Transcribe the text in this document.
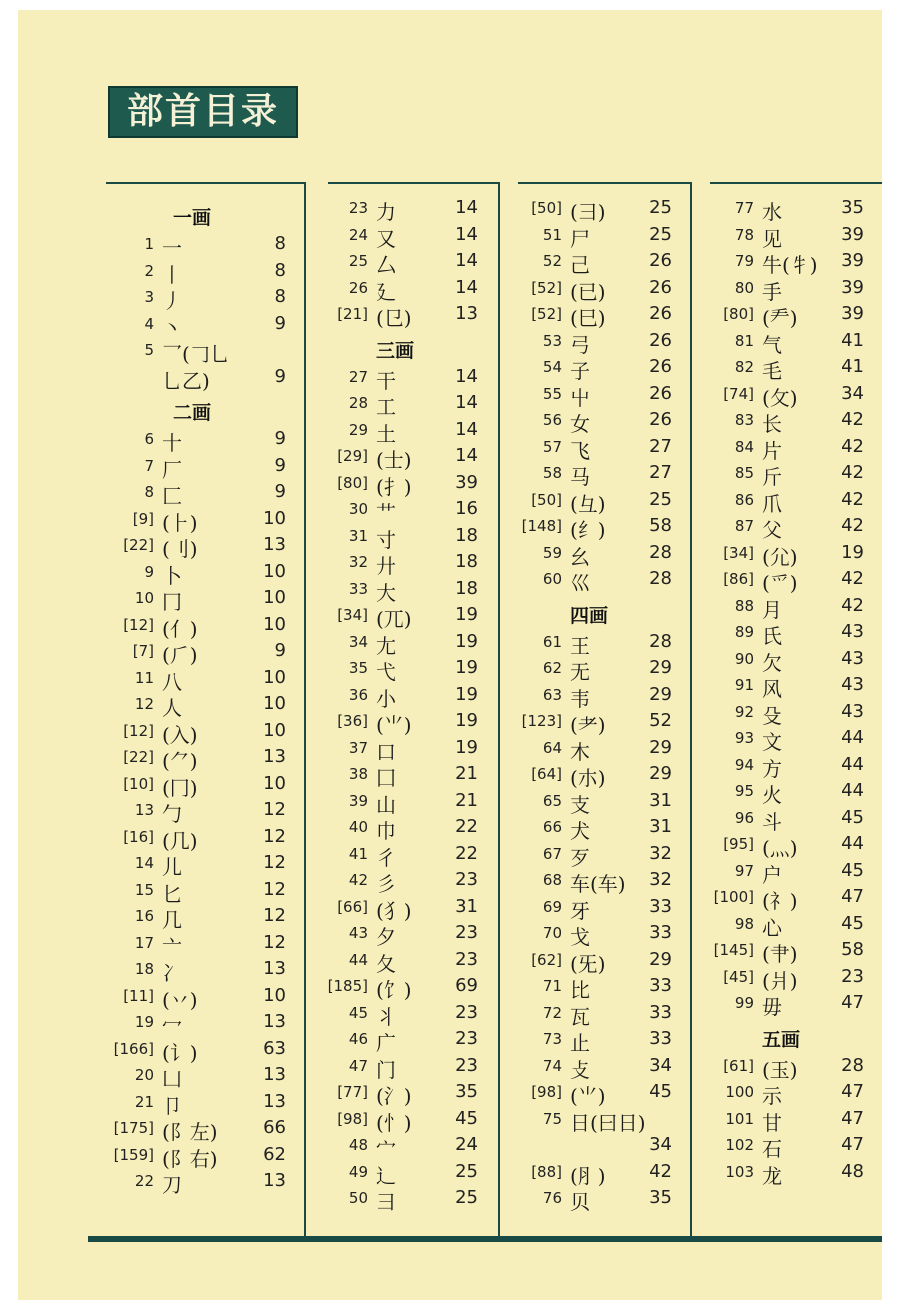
部首目录
一画
1 一	8
2 丨	8
3 丿	8
4 丶	9
5 乛(𠃌乚
乚乙)	9
二画
6 十	9
7 厂	9
8 匚	9
[9] (⺊)	10
[22] (刂)	13
9 卜	10
10 冂	10
[12] (亻)	10
[7] (⺁)	9
11 八	10
12 人	10
[12] (入)	10
[22] (⺈)	13
[10] (冂)	10
13 勹	12
[16] (几)	12
14 儿	12
15 匕	12
16 几	12
17 亠	12
18 冫	13
[11] (丷)	10
19 冖	13
[166] (讠)	63
20 凵	13
21 卩	13
[175] (阝左)	66
[159] (阝右)	62
22 刀	13
23 力	14
24 又	14
25 厶	14
26 廴	14
[21] (㔾) 13
三画
27 干	14
28 工	14
29 土	14
[29] (士) 14
[80] (扌) 39
30 艹	16
31 寸	18
32 廾	18
33 大	18
[34] (兀) 19
34 尢	19
35 弋	19
36 小	19
[36] (⺌) 19
37 口	19
38 囗	21
39 山	21
40 巾	22
41 彳	22
42 彡	23
[66] (犭) 31
43 夕	23
44 夂	23
[185] (饣) 69
45 丬	23
46 广	23
47 门	23
[77] (氵) 35
[98] (忄) 45
48 宀	24
49 辶	25
50 彐	25
[50] (彐) 25
51 尸	25
52 己	26
[52] (已) 26
[52] (巳) 26
53 弓	26
54 子	26
55 屮	26
56 女	26
57 飞	27
58 马	27
[50] (彑) 25
[148] (纟) 58
59 幺	28
60 巛	28
四画
61 王	28
62 无	29
63 韦	29
[123] (耂) 52
64 木	29
[64] (朩) 29
65 支	31
66 犬	31
67 歹	32
68 车(车) 32
69 牙	33
70 戈	33
[62] (旡) 29
71 比	33
72 瓦	33
73 止	33
74 攴	34
[98] (⺌) 45
75 日(曰日)
34
[88] (⺼) 42
76 贝	35
77 水	35
78 见	39
79 牛(牜) 39
80 手	39
[80] (龵) 39
81 气	41
82 毛	41
[74] (攵) 34
83 长	42
84 片	42
85 斤	42
86 爪	42
87 父	42
[34] (尣) 19
[86] (爫) 42
88 月	42
89 氏	43
90 欠	43
91 风	43
92 殳	43
93 文	44
94 方	44
95 火	44
96 斗	45
[95] (灬) 44
97 户	45
[100] (礻) 47
98 心	45
[145] (肀) 58
[45] (爿) 23
99 毋	47
五画
[61] (玉) 28
100 示	47
101 甘	47
102 石	47
103 龙	48
